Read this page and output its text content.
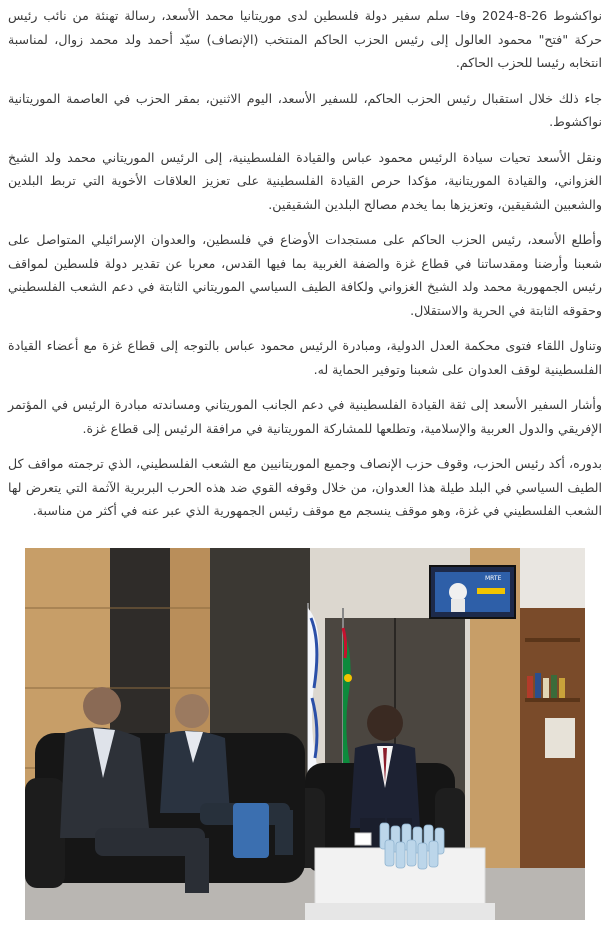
نواكشوط 26-8-2024 وفا- سلم سفير دولة فلسطين لدى موريتانيا محمد الأسعد، رسالة تهنئة من نائب رئيس حركة "فتح" محمود العالول إلى رئيس الحزب الحاكم المنتخب (الإنصاف) سيّد أحمد ولد محمد زوال، لمناسبة انتخابه رئيسا للحزب الحاكم.

جاء ذلك خلال استقبال رئيس الحزب الحاكم، للسفير الأسعد، اليوم الاثنين، بمقر الحزب في العاصمة الموريتانية نواكشوط.

ونقل الأسعد تحيات سيادة الرئيس محمود عباس والقيادة الفلسطينية، إلى الرئيس الموريتاني محمد ولد الشيخ الغزواني، والقيادة الموريتانية، مؤكدا حرص القيادة الفلسطينية على تعزيز العلاقات الأخوية التي تربط البلدين والشعبين الشقيقين، وتعزيزها بما يخدم مصالح البلدين الشقيقين.

وأطلع الأسعد، رئيس الحزب الحاكم على مستجدات الأوضاع في فلسطين، والعدوان الإسرائيلي المتواصل على شعبنا وأرضنا ومقدساتنا في قطاع غزة والضفة الغربية بما فيها القدس، معربا عن تقدير دولة فلسطين لمواقف رئيس الجمهورية محمد ولد الشيخ الغزواني ولكافة الطيف السياسي الموريتاني الثابتة في دعم الشعب الفلسطيني وحقوقه الثابتة في الحرية والاستقلال.

وتناول اللقاء فتوى محكمة العدل الدولية، ومبادرة الرئيس محمود عباس بالتوجه إلى قطاع غزة مع أعضاء القيادة الفلسطينية لوقف العدوان على شعبنا وتوفير الحماية له.

وأشار السفير الأسعد إلى ثقة القيادة الفلسطينية في دعم الجانب الموريتاني ومساندته مبادرة الرئيس في المؤتمر الإفريقي والدول العربية والإسلامية، وتطلعها للمشاركة الموريتانية في مرافقة الرئيس إلى قطاع غزة.

بدوره، أكد رئيس الحزب، وقوف حزب الإنصاف وجميع الموريتانيين مع الشعب الفلسطيني، الذي ترجمته مواقف كل الطيف السياسي في البلد طيلة هذا العدوان، من خلال وقوفه القوي ضد هذه الحرب البربرية الآثمة التي يتعرض لها الشعب الفلسطيني في غزة، وهو موقف ينسجم مع موقف رئيس الجمهورية الذي عبر عنه في أكثر من مناسبة.

MRTE
